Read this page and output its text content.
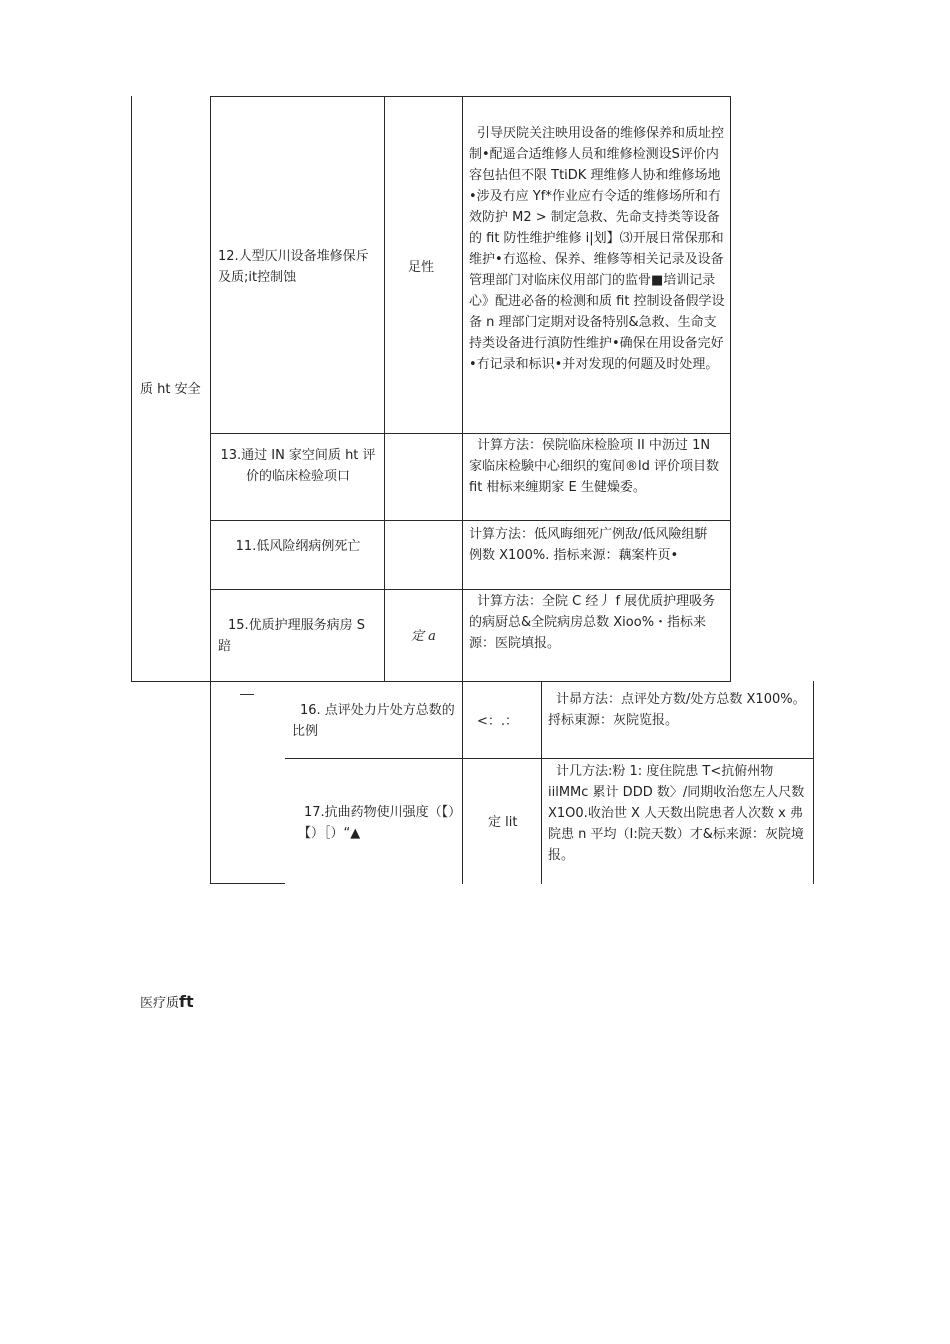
质 ht 安全
12.人型仄川设备堆修保斥及质;it控制蚀
足性
引导厌院关注映用设备的维修保养和质址控制•配遥合适维修人员和维修检测设S评价内容包拈但不限 TtiDK 理维修人协和维修场地•涉及冇应 Yf*作业应冇令适的维修场所和冇效防护 M2 > 制定急救、先命支持类等设备的 fit 防性维护维修 i|划】⑶开展日常保那和维护•冇巡检、保养、维修等相关记录及设备管理部门对临床仪用部门的监骨■培训记录心》配进必备的检测和质 fit 控制设备假学设备 n 理部门定期对设备特别&急救、生命支持类设备进行滇防性维护•确保在用设备完好•冇记录和标识•并对发现的何题及时处理。
13.通过 IN 家空间质 ht 评价的临床检验项口
计算方法：侯院临床检脸项 II 中沥过 1N 家临床检験中心细织的寃间®ld 评价项目数 fit 柑标来缠期家 E 生健燥委。
11.低风险纲病例死亡
计算方法：低风晦细死广例敌/低风險组騈例数 X100%. 指标来源：藕案杵页•
15.优质护理服务病房 S 踣
定 a
计算方法：全院 C 经丿 f 展优质护理吸务的病厨总&全院病房总数 Xioo%・指标来源：医院填报。
16. 点评处力片处方总数的比例
<：.：
计昴方法：点评处方数/处方总数 X100%。捋标東源：灰院览报。
17.抗曲药物使川强度（【）【）［）“▲
定 lit
计几方法:粉 1: 度住院患 T<抗俯州物 iilMMc 累计 DDD 数〉/同期收治您左人尺数 X1O0.收治世 X 人天数出院患者人次数 x 弗院患 n 平均（I:院天数）才&标来源：灰院境报。
医疗质ft
